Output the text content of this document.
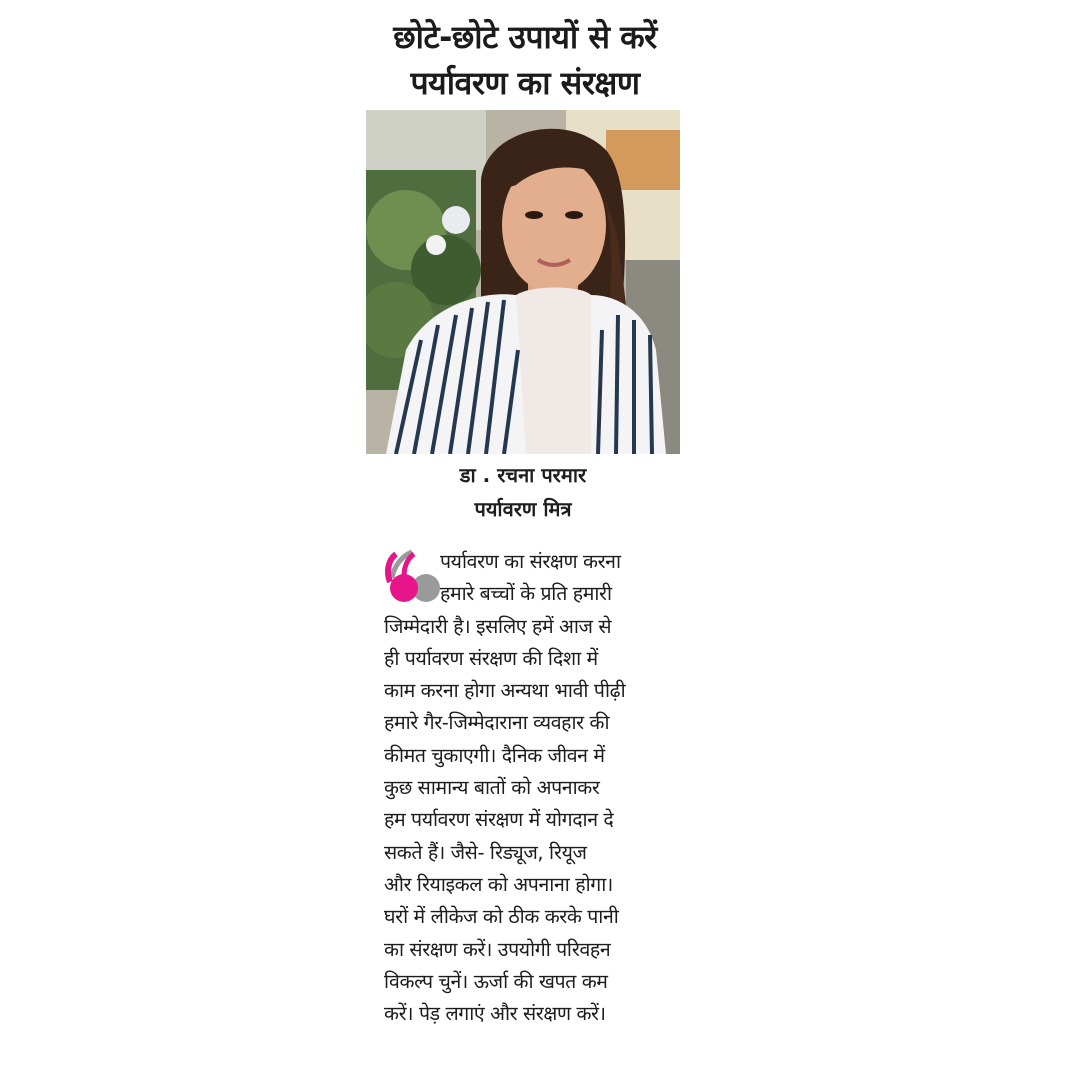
छोटे-छोटे उपायों से करें
पर्यावरण का संरक्षण
डा . रचना परमार
पर्यावरण मित्र
पर्यावरण का संरक्षण करना
हमारे बच्चों के प्रति हमारी
जिम्मेदारी है। इसलिए हमें आज से
ही पर्यावरण संरक्षण की दिशा में
काम करना होगा अन्यथा भावी पीढ़ी
हमारे गैर-जिम्मेदाराना व्यवहार की
कीमत चुकाएगी। दैनिक जीवन में
कुछ सामान्य बातों को अपनाकर
हम पर्यावरण संरक्षण में योगदान दे
सकते हैं। जैसे- रिड्यूज, रियूज
और रियाइकल को अपनाना होगा।
घरों में लीकेज को ठीक करके पानी
का संरक्षण करें। उपयोगी परिवहन
विकल्प चुनें। ऊर्जा की खपत कम
करें। पेड़ लगाएं और संरक्षण करें।
